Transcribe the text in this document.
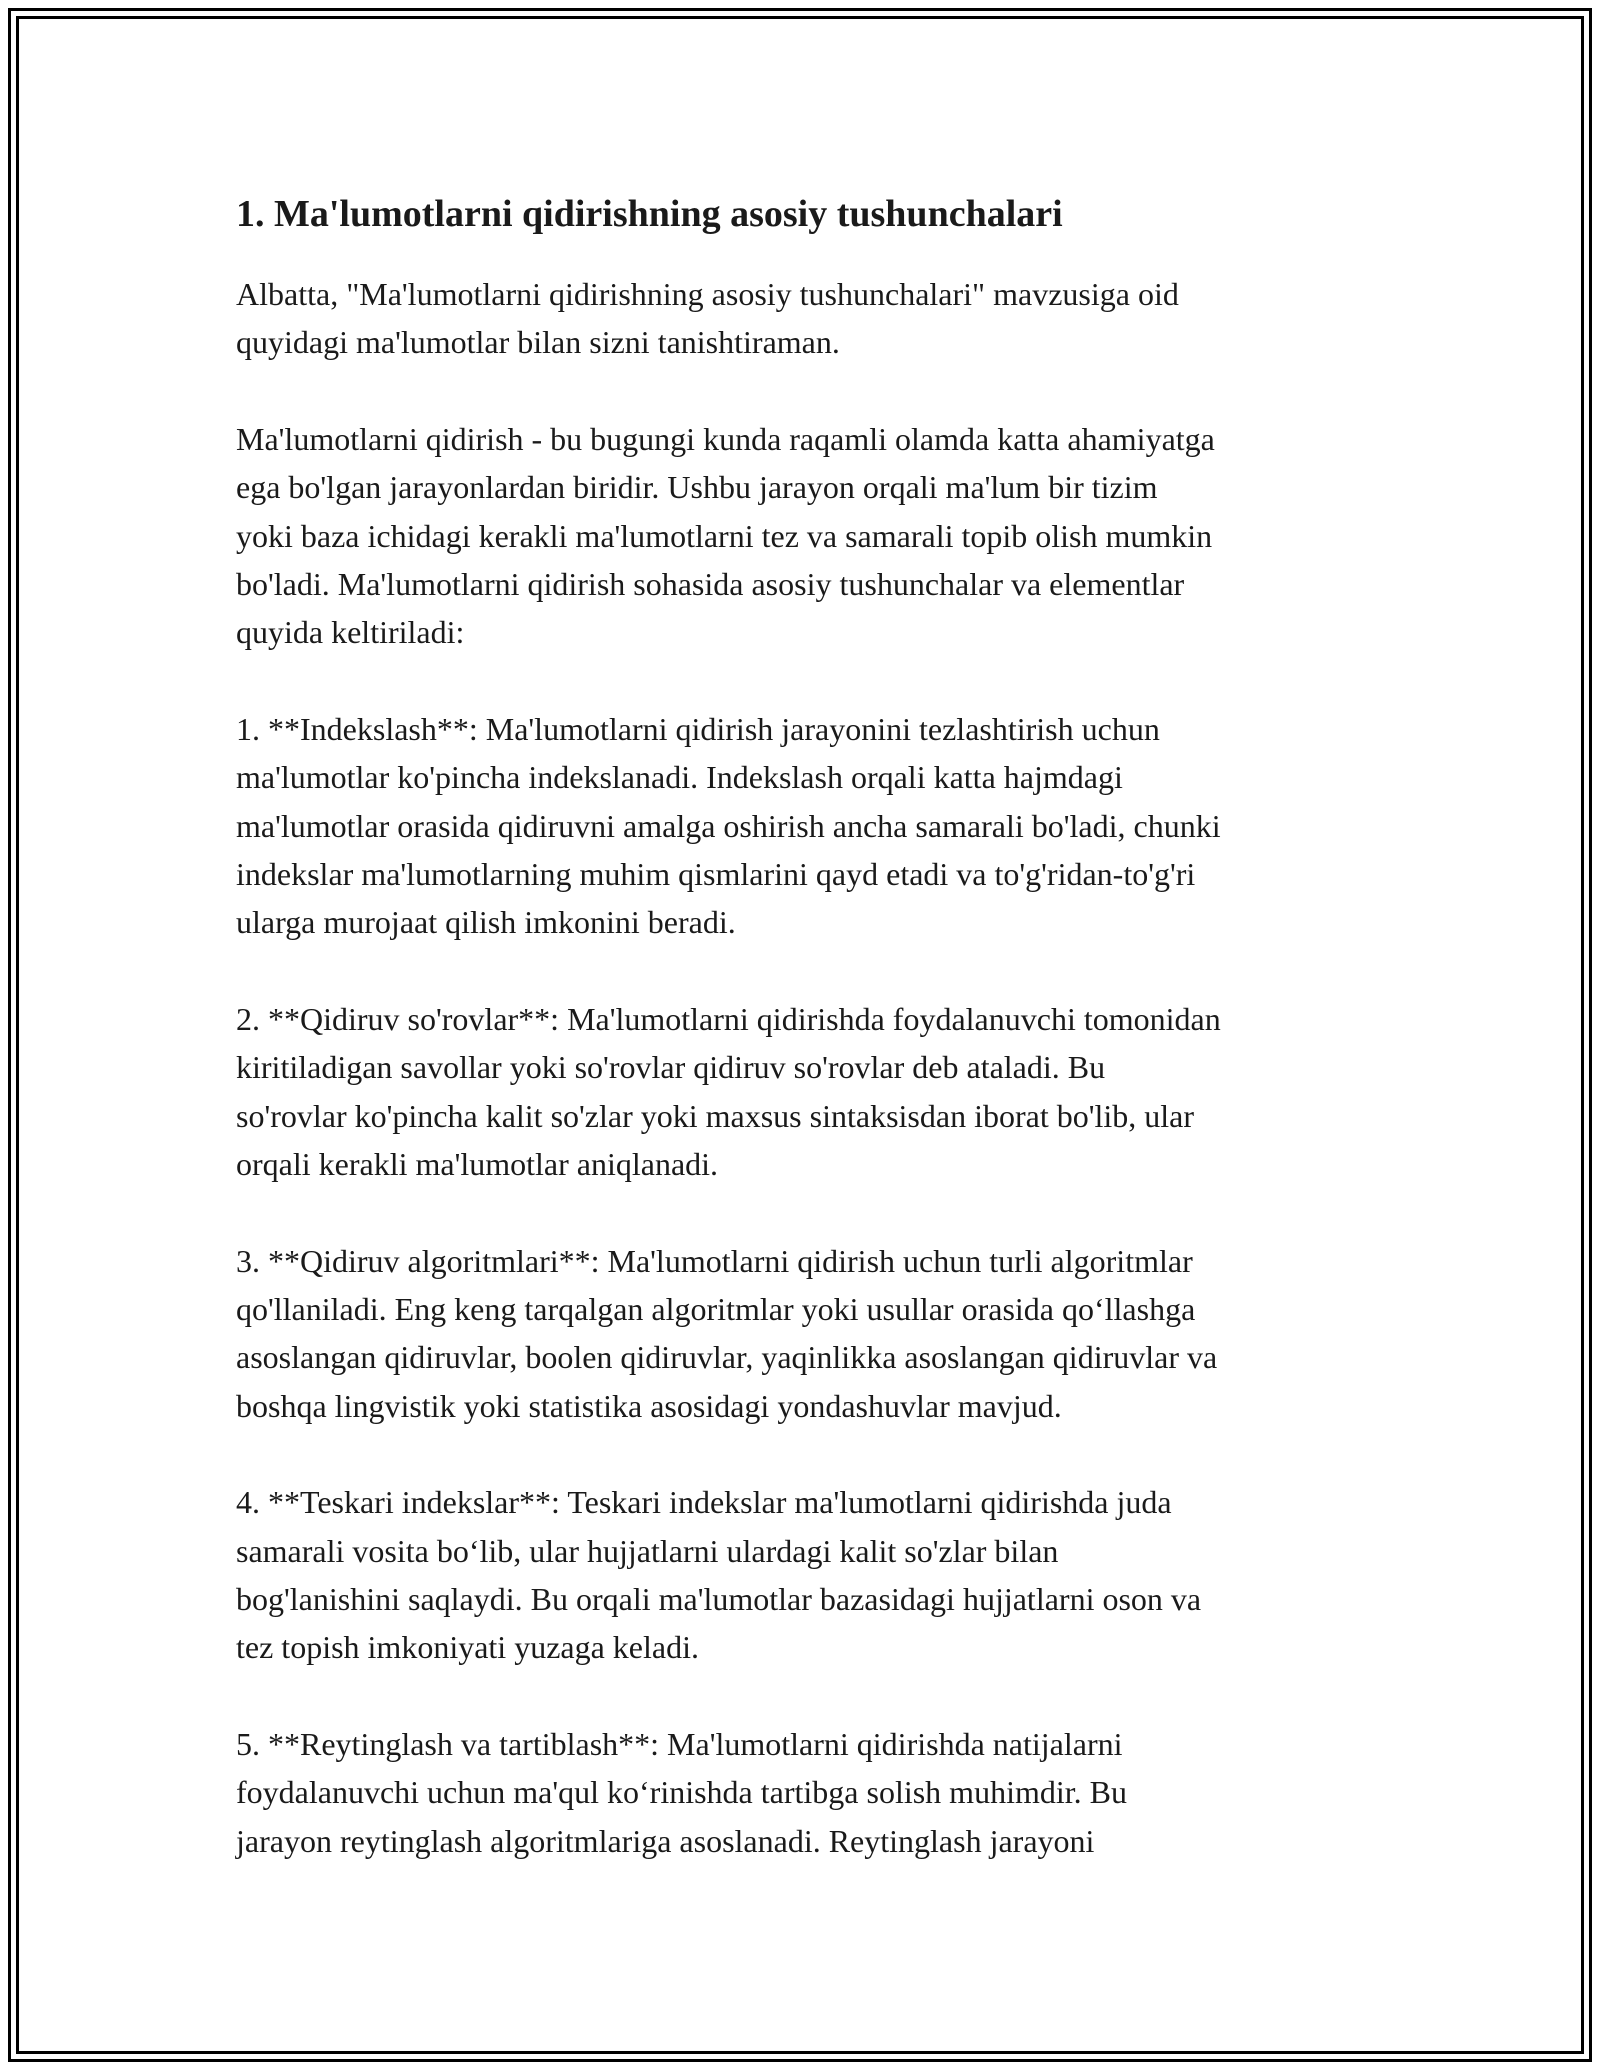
1. Ma'lumotlarni qidirishning asosiy tushunchalari

Albatta, "Ma'lumotlarni qidirishning asosiy tushunchalari" mavzusiga oid
quyidagi ma'lumotlar bilan sizni tanishtiraman.

Ma'lumotlarni qidirish - bu bugungi kunda raqamli olamda katta ahamiyatga
ega bo'lgan jarayonlardan biridir. Ushbu jarayon orqali ma'lum bir tizim
yoki baza ichidagi kerakli ma'lumotlarni tez va samarali topib olish mumkin
bo'ladi. Ma'lumotlarni qidirish sohasida asosiy tushunchalar va elementlar
quyida keltiriladi:

1. **Indekslash**: Ma'lumotlarni qidirish jarayonini tezlashtirish uchun
ma'lumotlar ko'pincha indekslanadi. Indekslash orqali katta hajmdagi
ma'lumotlar orasida qidiruvni amalga oshirish ancha samarali bo'ladi, chunki
indekslar ma'lumotlarning muhim qismlarini qayd etadi va to'g'ridan-to'g'ri
ularga murojaat qilish imkonini beradi.

2. **Qidiruv so'rovlar**: Ma'lumotlarni qidirishda foydalanuvchi tomonidan
kiritiladigan savollar yoki so'rovlar qidiruv so'rovlar deb ataladi. Bu
so'rovlar ko'pincha kalit so'zlar yoki maxsus sintaksisdan iborat bo'lib, ular
orqali kerakli ma'lumotlar aniqlanadi.

3. **Qidiruv algoritmlari**: Ma'lumotlarni qidirish uchun turli algoritmlar
qo'llaniladi. Eng keng tarqalgan algoritmlar yoki usullar orasida qo‘llashga
asoslangan qidiruvlar, boolen qidiruvlar, yaqinlikka asoslangan qidiruvlar va
boshqa lingvistik yoki statistika asosidagi yondashuvlar mavjud.

4. **Teskari indekslar**: Teskari indekslar ma'lumotlarni qidirishda juda
samarali vosita bo‘lib, ular hujjatlarni ulardagi kalit so'zlar bilan
bog'lanishini saqlaydi. Bu orqali ma'lumotlar bazasidagi hujjatlarni oson va
tez topish imkoniyati yuzaga keladi.

5. **Reytinglash va tartiblash**: Ma'lumotlarni qidirishda natijalarni
foydalanuvchi uchun ma'qul ko‘rinishda tartibga solish muhimdir. Bu
jarayon reytinglash algoritmlariga asoslanadi. Reytinglash jarayoni
